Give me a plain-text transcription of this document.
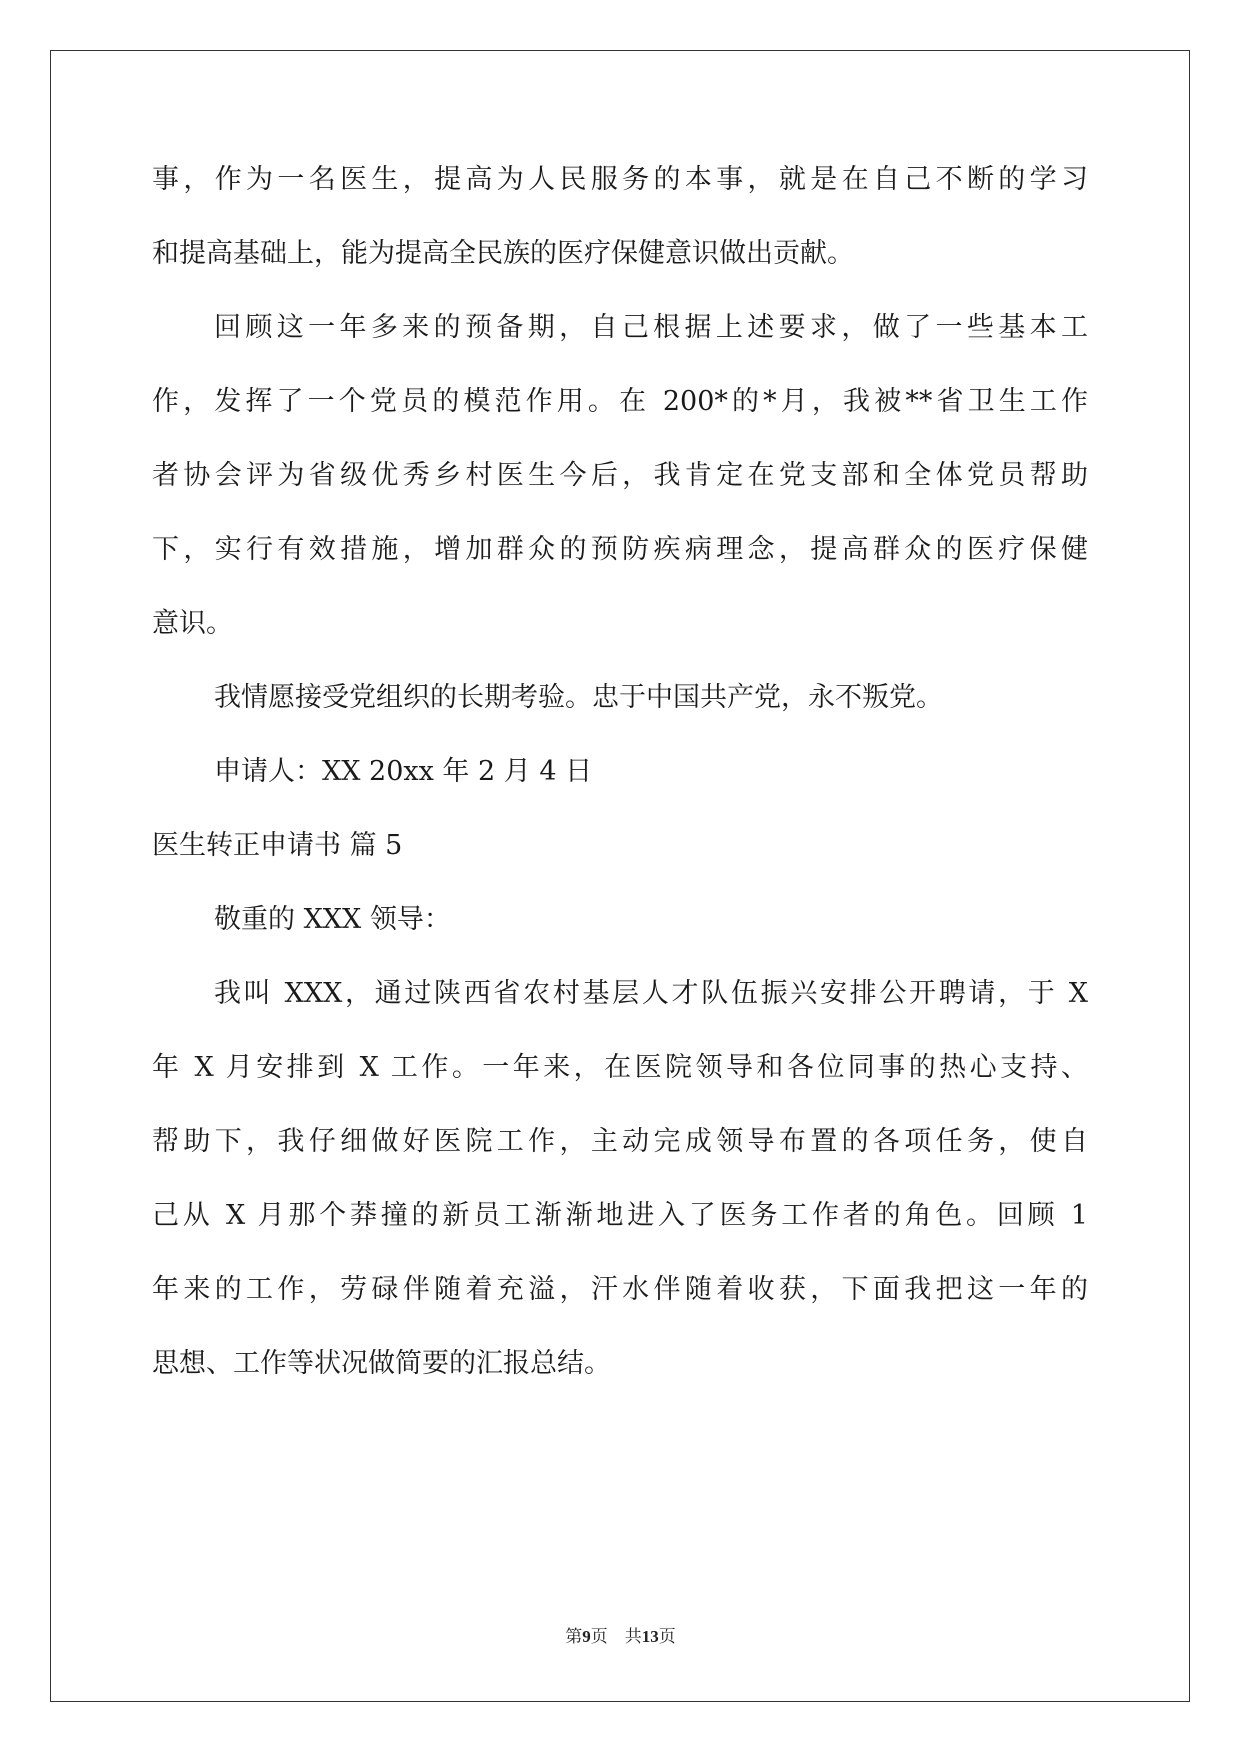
事，作为一名医生，提高为人民服务的本事，就是在自己不断的学习
和提高基础上，能为提高全民族的医疗保健意识做出贡献。
回顾这一年多来的预备期，自己根据上述要求，做了一些基本工
作，发挥了一个党员的模范作用。在 200*的*月，我被**省卫生工作
者协会评为省级优秀乡村医生今后，我肯定在党支部和全体党员帮助
下，实行有效措施，增加群众的预防疾病理念，提高群众的医疗保健
意识。
我情愿接受党组织的长期考验。忠于中国共产党，永不叛党。
申请人：XX 20xx 年 2 月 4 日
医生转正申请书 篇 5
敬重的 XXX 领导：
我叫 XXX，通过陕西省农村基层人才队伍振兴安排公开聘请，于 X
年 X 月安排到 X 工作。一年来，在医院领导和各位同事的热心支持、
帮助下，我仔细做好医院工作，主动完成领导布置的各项任务，使自
己从 X 月那个莽撞的新员工渐渐地进入了医务工作者的角色。回顾 1
年来的工作，劳碌伴随着充溢，汗水伴随着收获，下面我把这一年的
思想、工作等状况做简要的汇报总结。
第9页　共13页
